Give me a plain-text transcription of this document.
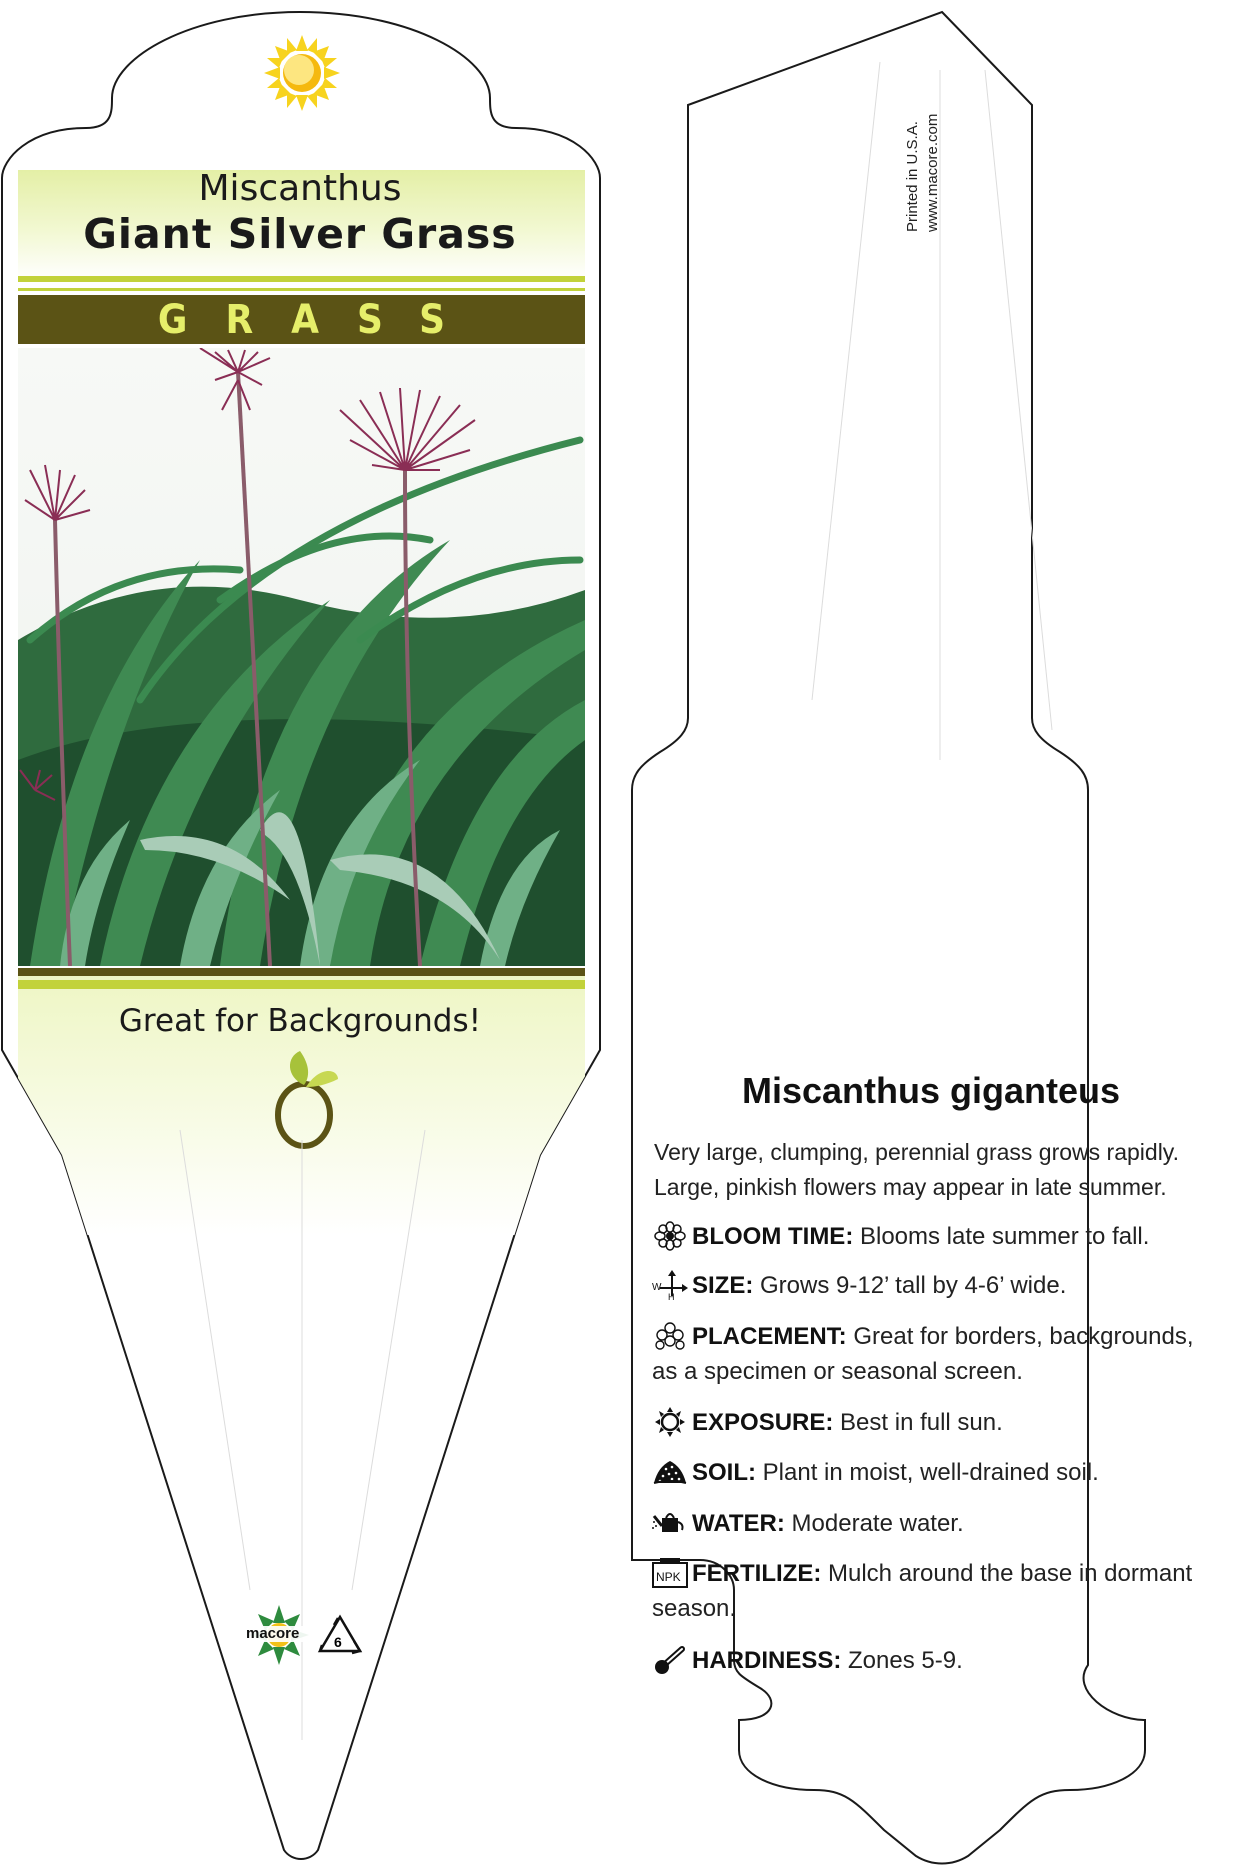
Miscanthus
Giant Silver Grass
GRASS
Great for Backgrounds!
macore 6
Printed in U.S.A. www.macore.com
Miscanthus giganteus
Very large, clumping, perennial grass grows rapidly. Large, pinkish flowers may appear in late summer.
BLOOM TIME: Blooms late summer to fall.
W
H SIZE: Grows 9-12’ tall by 4-6’ wide.
PLACEMENT: Great for borders, backgrounds, as a specimen or seasonal screen.
EXPOSURE: Best in full sun.
SOIL: Plant in moist, well-drained soil.
WATER: Moderate water.
NPK FERTILIZE: Mulch around the base in dormant season.
HARDINESS: Zones 5-9.
